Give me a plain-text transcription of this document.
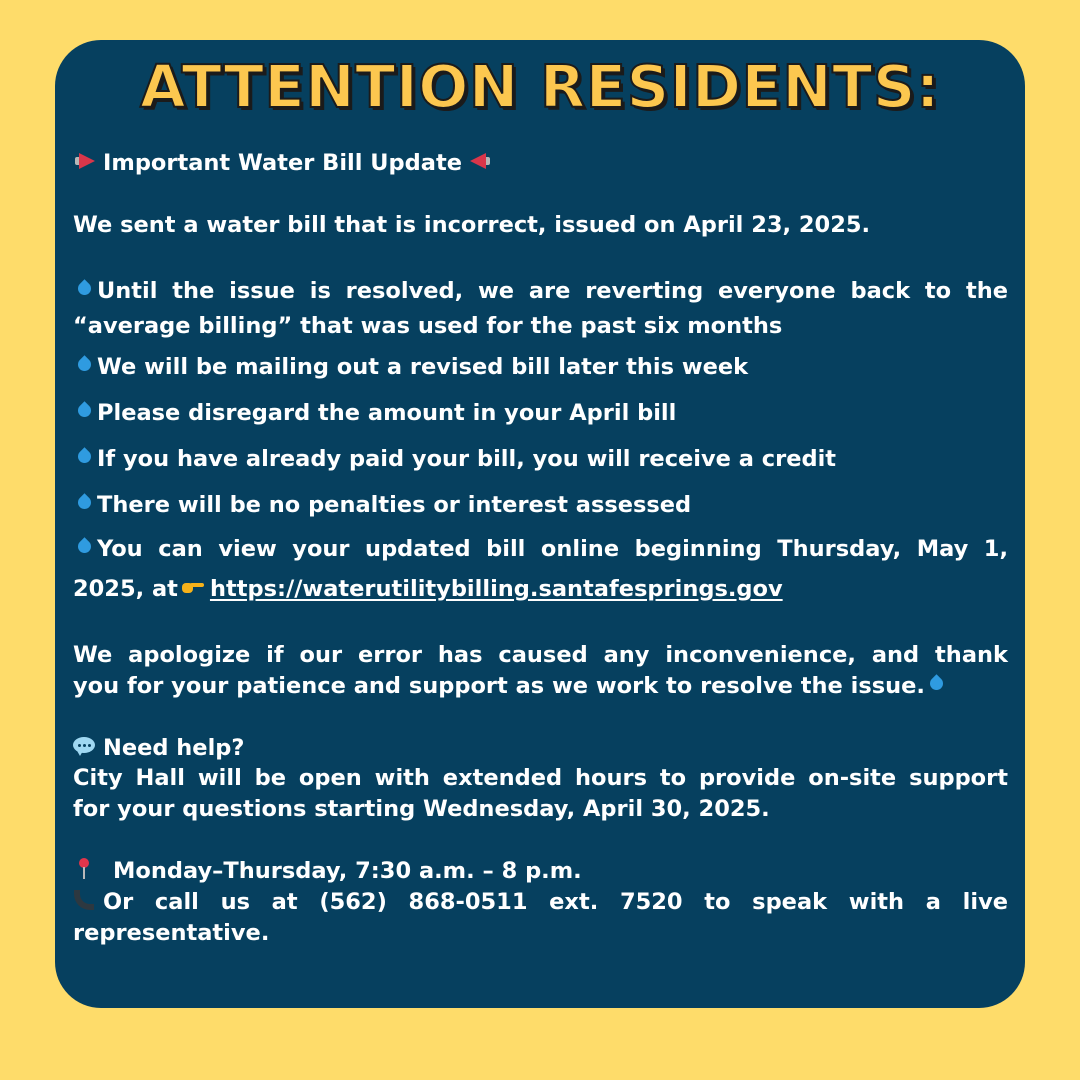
ATTENTION RESIDENTS:
Important Water Bill Update
We sent a water bill that is incorrect, issued on April 23, 2025.
Until the issue is resolved, we are reverting everyone back to the
“average billing” that was used for the past six months
We will be mailing out a revised bill later this week
Please disregard the amount in your April bill
If you have already paid your bill, you will receive a credit
There will be no penalties or interest assessed
You can view your updated bill online beginning Thursday, May 1,
2025, at https://waterutilitybilling.santafesprings.gov
We apologize if our error has caused any inconvenience, and thank
you for your patience and support as we work to resolve the issue.
Need help?
City Hall will be open with extended hours to provide on-site support
for your questions starting Wednesday, April 30, 2025.
Monday–Thursday, 7:30 a.m. – 8 p.m.
Or call us at (562) 868-0511 ext. 7520 to speak with a live
representative.
